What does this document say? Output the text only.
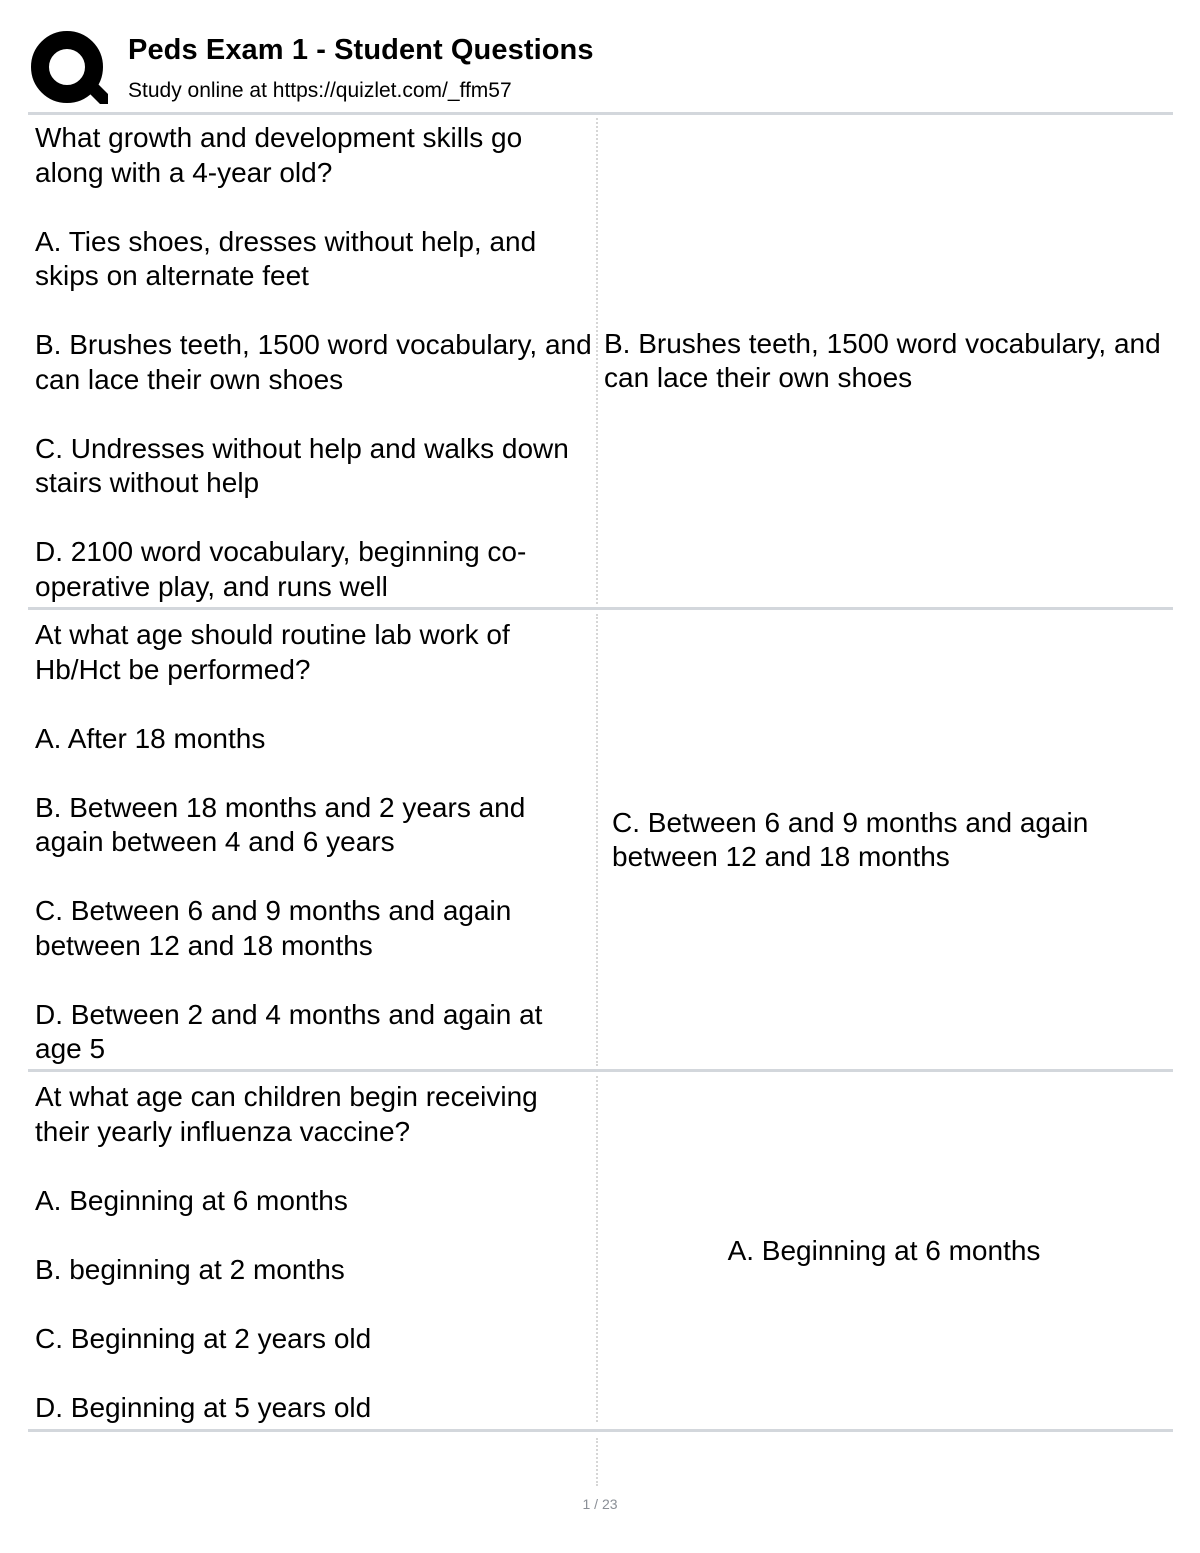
Peds Exam 1 - Student Questions
Study online at https://quizlet.com/_ffm57

What growth and development skills go along with a 4-year old?

A. Ties shoes, dresses without help, and skips on alternate feet

B. Brushes teeth, 1500 word vocabulary, and can lace their own shoes

C. Undresses without help and walks down stairs without help

D. 2100 word vocabulary, beginning co-operative play, and runs well

B. Brushes teeth, 1500 word vocabulary, and can lace their own shoes

At what age should routine lab work of Hb/Hct be performed?

A. After 18 months

B. Between 18 months and 2 years and again between 4 and 6 years

C. Between 6 and 9 months and again between 12 and 18 months

D. Between 2 and 4 months and again at age 5

C. Between 6 and 9 months and again between 12 and 18 months

At what age can children begin receiving their yearly influenza vaccine?

A. Beginning at 6 months

B. beginning at 2 months

C. Beginning at 2 years old

D. Beginning at 5 years old

A. Beginning at 6 months
1 / 23
